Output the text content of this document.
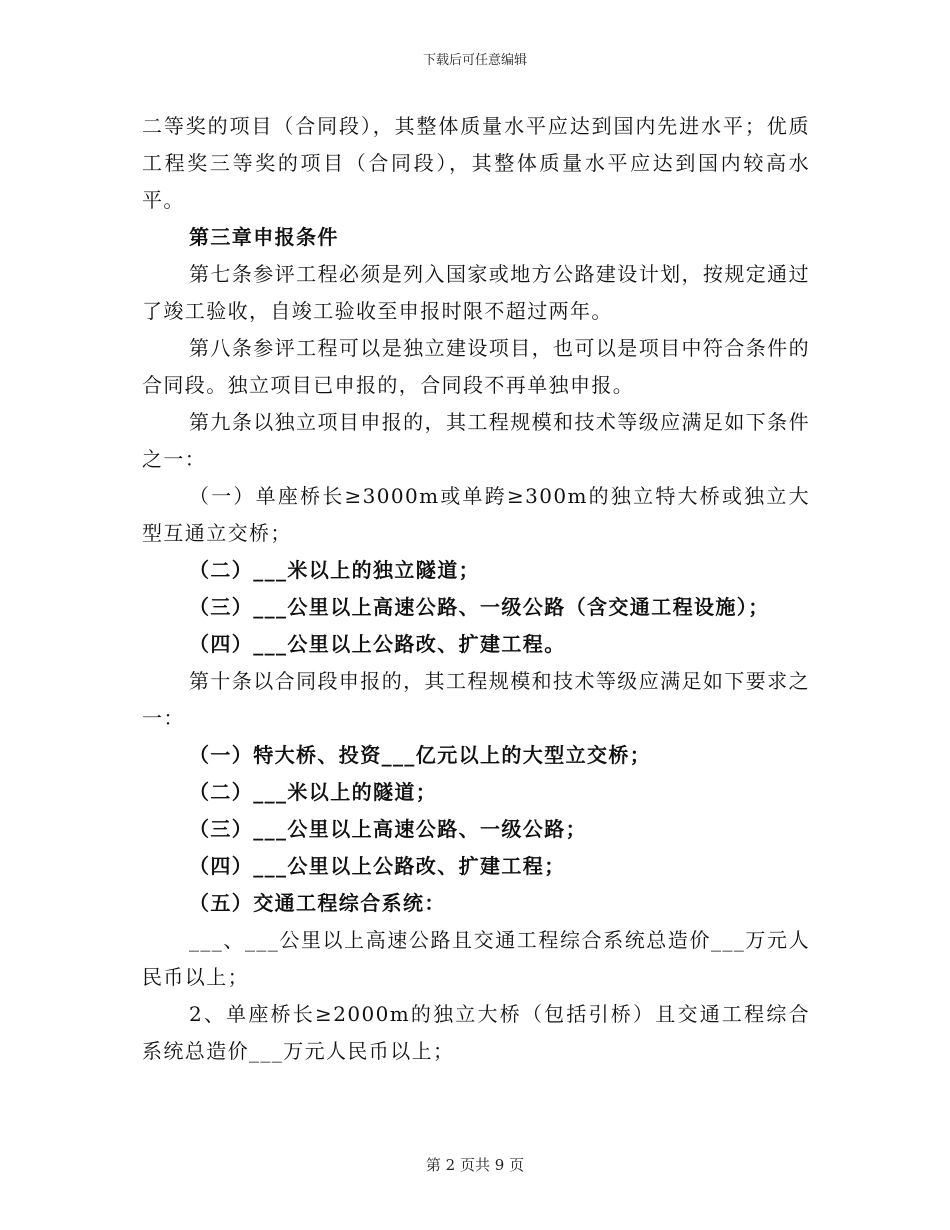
下载后可任意编辑

二等奖的项目（合同段），其整体质量水平应达到国内先进水平；优质工程奖三等奖的项目（合同段），其整体质量水平应达到国内较高水平。

第三章申报条件

第七条参评工程必须是列入国家或地方公路建设计划，按规定通过了竣工验收，自竣工验收至申报时限不超过两年。

第八条参评工程可以是独立建设项目，也可以是项目中符合条件的合同段。独立项目已申报的，合同段不再单独申报。

第九条以独立项目申报的，其工程规模和技术等级应满足如下条件之一：

（一）单座桥长≥3000m或单跨≥300m的独立特大桥或独立大型互通立交桥；

（二）___米以上的独立隧道；

（三）___公里以上高速公路、一级公路（含交通工程设施）；

（四）___公里以上公路改、扩建工程。

第十条以合同段申报的，其工程规模和技术等级应满足如下要求之一：

（一）特大桥、投资___亿元以上的大型立交桥；

（二）___米以上的隧道；

（三）___公里以上高速公路、一级公路；

（四）___公里以上公路改、扩建工程；

（五）交通工程综合系统：

___、___公里以上高速公路且交通工程综合系统总造价___万元人民币以上；

2、单座桥长≥2000m的独立大桥（包括引桥）且交通工程综合系统总造价___万元人民币以上；

第 2 页共 9 页
